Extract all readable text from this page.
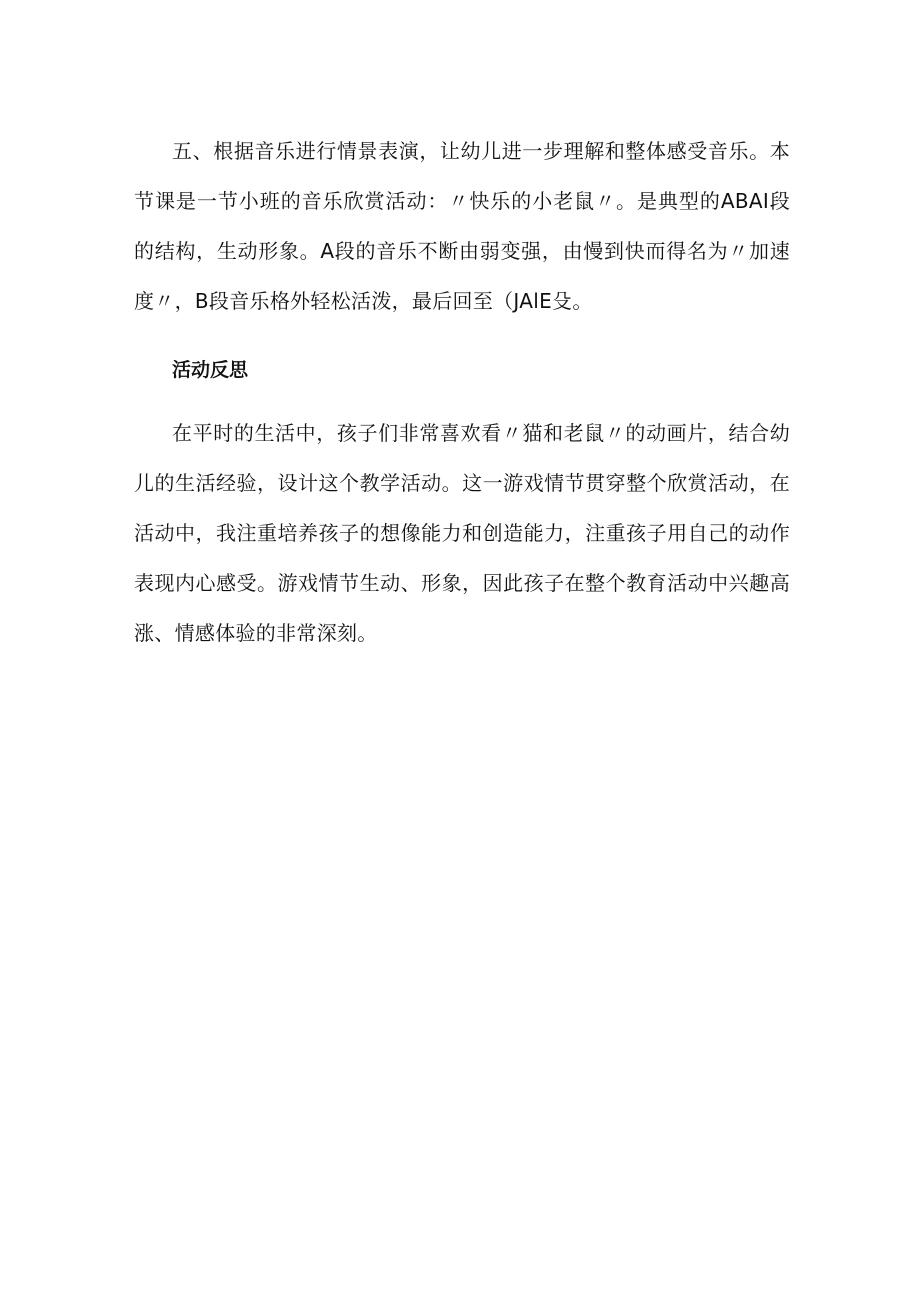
五、根据音乐进行情景表演，让幼儿进一步理解和整体感受音乐。本节课是一节小班的音乐欣赏活动：〃快乐的小老鼠〃。是典型的ABAI段的结构，生动形象。A段的音乐不断由弱变强，由慢到快而得名为〃加速度〃，B段音乐格外轻松活泼，最后回至（JAlE殳。

活动反思

在平时的生活中，孩子们非常喜欢看〃猫和老鼠〃的动画片，结合幼儿的生活经验，设计这个教学活动。这一游戏情节贯穿整个欣赏活动，在活动中，我注重培养孩子的想像能力和创造能力，注重孩子用自己的动作表现内心感受。游戏情节生动、形象，因此孩子在整个教育活动中兴趣高涨、情感体验的非常深刻。
